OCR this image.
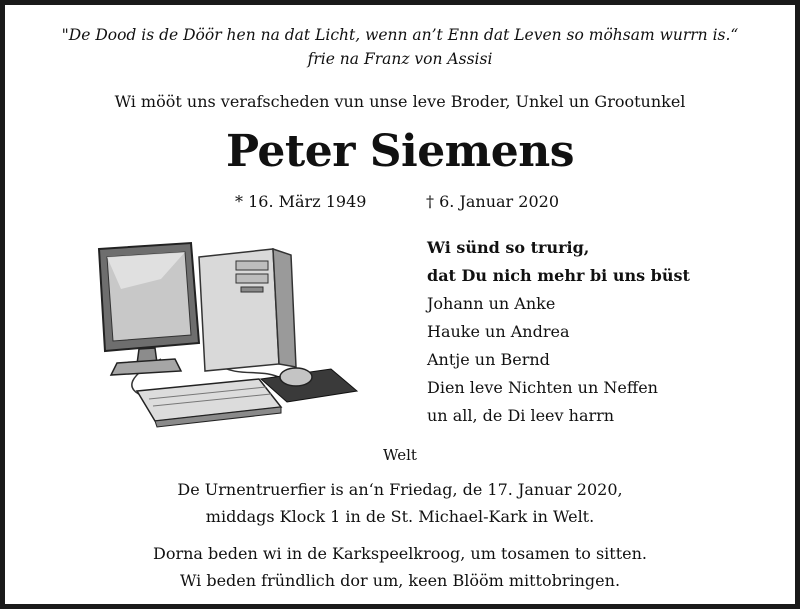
"De Dood is de Döör hen na dat Licht, wenn an’t Enn dat Leven so möhsam wurrn is.“
frie na Franz von Assisi
Wi mööt uns verafscheden vun unse leve Broder, Unkel un Grootunkel
Peter Siemens
* 16. März 1949	† 6. Januar 2020
Wi sünd so trurig,
dat Du nich mehr bi uns büst
Johann un Anke
Hauke un Andrea
Antje un Bernd
Dien leve Nichten un Neffen
un all, de Di leev harrn
Welt
De Urnentruerfier is an‘n Friedag, de 17. Januar 2020,
middags Klock 1 in de St. Michael-Kark in Welt.
Dorna beden wi in de Karkspeelkroog, um tosamen to sitten.
Wi beden fründlich dor um, keen Blööm mittobringen.
